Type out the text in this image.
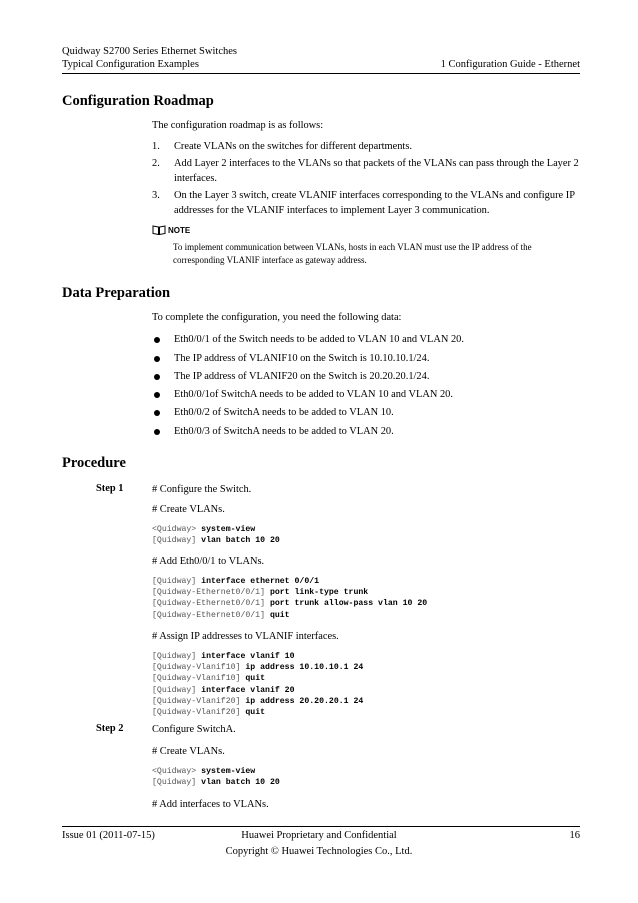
Quidway S2700 Series Ethernet Switches
Typical Configuration Examples	1 Configuration Guide - Ethernet
Configuration Roadmap
The configuration roadmap is as follows:
1. Create VLANs on the switches for different departments.
2. Add Layer 2 interfaces to the VLANs so that packets of the VLANs can pass through the Layer 2 interfaces.
3. On the Layer 3 switch, create VLANIF interfaces corresponding to the VLANs and configure IP addresses for the VLANIF interfaces to implement Layer 3 communication.
NOTE
To implement communication between VLANs, hosts in each VLAN must use the IP address of the corresponding VLANIF interface as gateway address.
Data Preparation
To complete the configuration, you need the following data:
Eth0/0/1 of the Switch needs to be added to VLAN 10 and VLAN 20.
The IP address of VLANIF10 on the Switch is 10.10.10.1/24.
The IP address of VLANIF20 on the Switch is 20.20.20.1/24.
Eth0/0/1of SwitchA needs to be added to VLAN 10 and VLAN 20.
Eth0/0/2 of SwitchA needs to be added to VLAN 10.
Eth0/0/3 of SwitchA needs to be added to VLAN 20.
Procedure
Step 1	# Configure the Switch.
# Create VLANs.
<Quidway> system-view
[Quidway] vlan batch 10 20
# Add Eth0/0/1 to VLANs.
[Quidway] interface ethernet 0/0/1
[Quidway-Ethernet0/0/1] port link-type trunk
[Quidway-Ethernet0/0/1] port trunk allow-pass vlan 10 20
[Quidway-Ethernet0/0/1] quit
# Assign IP addresses to VLANIF interfaces.
[Quidway] interface vlanif 10
[Quidway-Vlanif10] ip address 10.10.10.1 24
[Quidway-Vlanif10] quit
[Quidway] interface vlanif 20
[Quidway-Vlanif20] ip address 20.20.20.1 24
[Quidway-Vlanif20] quit
Step 2	Configure SwitchA.
# Create VLANs.
<Quidway> system-view
[Quidway] vlan batch 10 20
# Add interfaces to VLANs.
Issue 01 (2011-07-15)	Huawei Proprietary and Confidential
Copyright © Huawei Technologies Co., Ltd.
16
